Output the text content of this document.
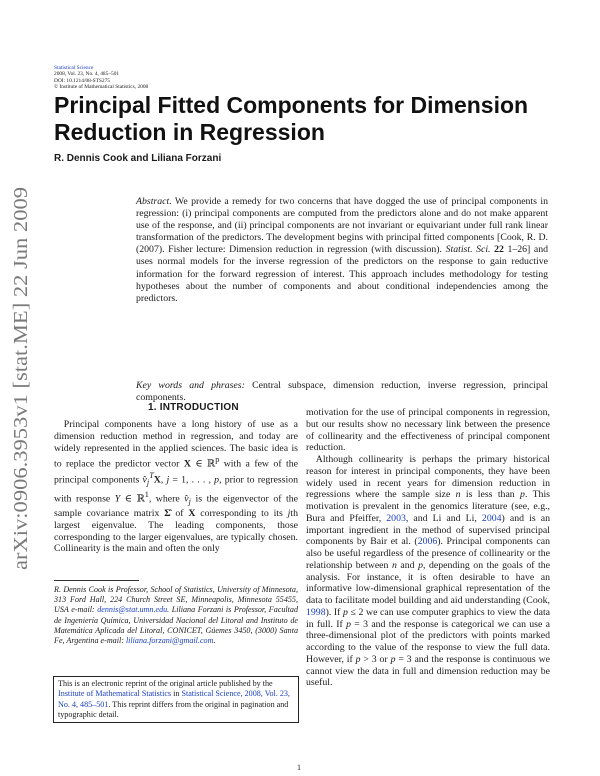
Statistical Science
2008, Vol. 23, No. 4, 485–501
DOI: 10.1214/08-STS275
© Institute of Mathematical Statistics, 2008
Principal Fitted Components for Dimension Reduction in Regression
R. Dennis Cook and Liliana Forzani
arXiv:0906.3953v1 [stat.ME] 22 Jun 2009

Abstract. We provide a remedy for two concerns that have dogged the use of principal components in regression: (i) principal components are computed from the predictors alone and do not make apparent use of the response, and (ii) principal components are not invariant or equivariant under full rank linear transformation of the predictors. The development begins with principal fitted components [Cook, R. D. (2007). Fisher lecture: Dimension reduction in regression (with discussion). Statist. Sci. 22 1–26] and uses normal models for the inverse regression of the predictors on the response to gain reductive information for the forward regression of interest. This approach includes methodology for testing hypotheses about the number of components and about conditional independencies among the predictors.

Key words and phrases: Central subspace, dimension reduction, inverse regression, principal components.

1. INTRODUCTION

 Principal components have a long history of use as a dimension reduction method in regression, and today are widely represented in the applied sciences. The basic idea is to replace the predictor vector X ∈ ℝ$^p$ with a few of the principal components $v̂_j^TX$, j = 1, . . . , p, prior to regression with response Y ∈ ℝ$^1$, where $v̂_j$ is the eigenvector of the sample covariance matrix Σ̂ of X corresponding to its jth largest eigenvalue. The leading components, those corresponding to the larger eigenvalues, are typically chosen. Collinearity is the main and often the only

motivation for the use of principal components in regression, but our results show no necessary link between the presence of collinearity and the effectiveness of principal component reduction.

 Although collinearity is perhaps the primary historical reason for interest in principal components, they have been widely used in recent years for dimension reduction in regressions where the sample size n is less than p. This motivation is prevalent in the genomics literature (see, e.g., Bura and Pfeiffer, 2003, and Li and Li, 2004) and is an important ingredient in the method of supervised principal components by Bair et al. (2006). Principal components can also be useful regardless of the presence of collinearity or the relationship between n and p, depending on the goals of the analysis. For instance, it is often desirable to have an informative low-dimensional graphical representation of the data to facilitate model building and aid understanding (Cook, 1998). If p ≤ 2 we can use computer graphics to view the data in full. If p = 3 and the response is categorical we can use a three-dimensional plot of the predictors with points marked according to the value of the response to view the full data. However, if p > 3 or p = 3 and the response is continuous we cannot view the data in full and dimension reduction may be useful.

R. Dennis Cook is Professor, School of Statistics, University of Minnesota, 313 Ford Hall, 224 Church Street SE, Minneapolis, Minnesota 55455, USA e-mail: dennis@stat.umn.edu. Liliana Forzani is Professor, Facultad de Ingeniería Química, Universidad Nacional del Litoral and Instituto de Matemática Aplicada del Litoral, CONICET, Güemes 3450, (3000) Santa Fe, Argentina e-mail: liliana.forzani@gmail.com.

This is an electronic reprint of the original article published by the Institute of Mathematical Statistics in Statistical Science, 2008, Vol. 23, No. 4, 485–501. This reprint differs from the original in pagination and typographic detail.

1
